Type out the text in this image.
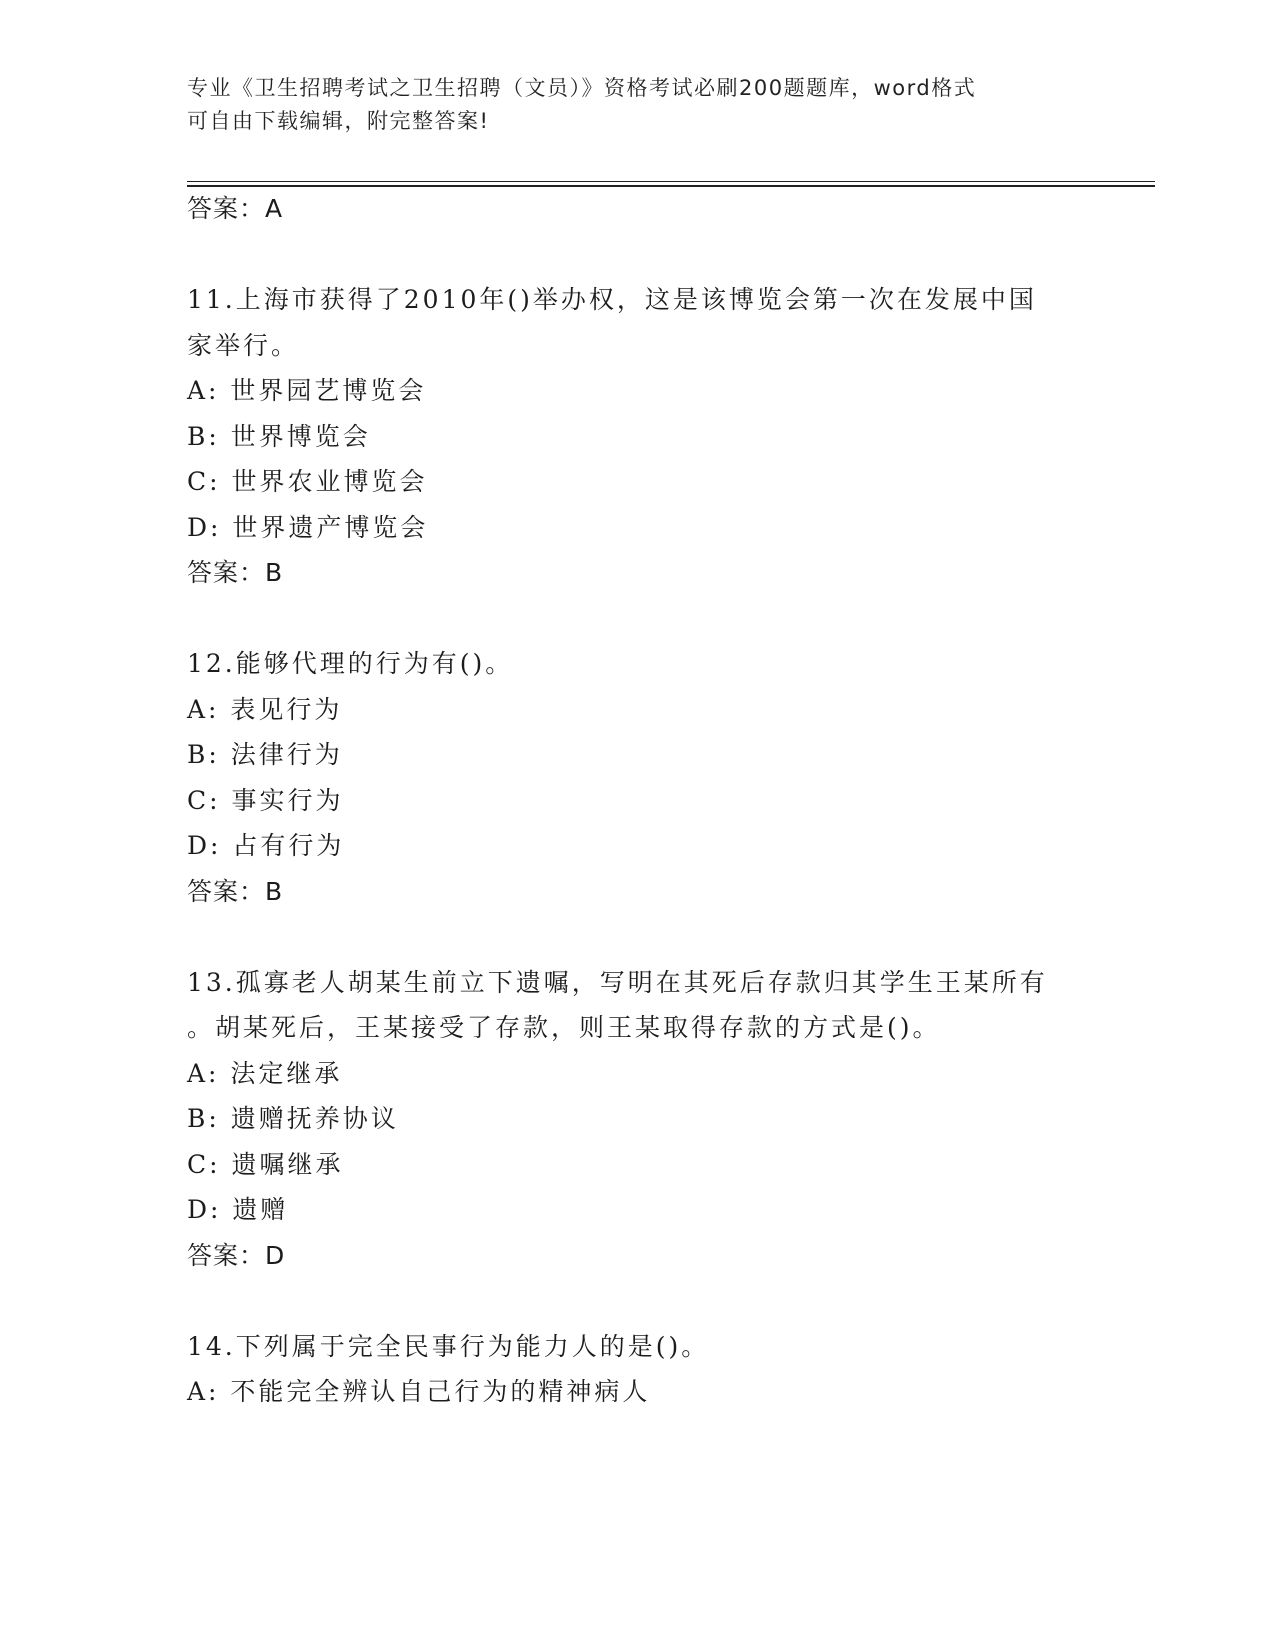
专业《卫生招聘考试之卫生招聘（文员）》资格考试必刷200题题库，word格式
可自由下载编辑，附完整答案!
答案：A
11.上海市获得了2010年()举办权，这是该博览会第一次在发展中国
家举行。
A: 世界园艺博览会
B: 世界博览会
C: 世界农业博览会
D: 世界遗产博览会
答案：B
12.能够代理的行为有()。
A: 表见行为
B: 法律行为
C: 事实行为
D: 占有行为
答案：B
13.孤寡老人胡某生前立下遗嘱，写明在其死后存款归其学生王某所有
。胡某死后，王某接受了存款，则王某取得存款的方式是()。
A: 法定继承
B: 遗赠抚养协议
C: 遗嘱继承
D: 遗赠
答案：D
14.下列属于完全民事行为能力人的是()。
A: 不能完全辨认自己行为的精神病人
